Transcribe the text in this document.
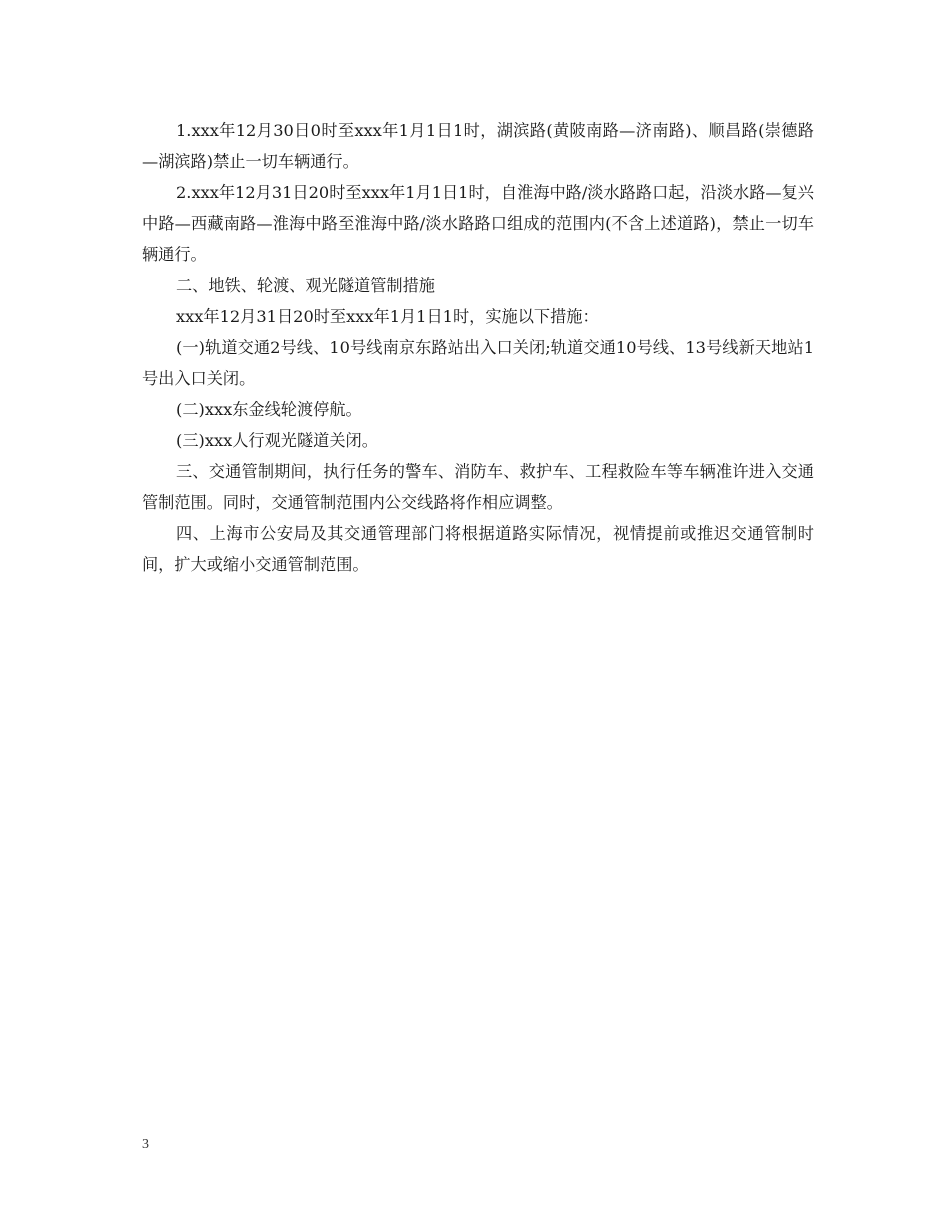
1.xxx年12月30日0时至xxx年1月1日1时，湖滨路(黄陂南路—济南路)、顺昌路(崇德路—湖滨路)禁止一切车辆通行。

2.xxx年12月31日20时至xxx年1月1日1时，自淮海中路/淡水路路口起，沿淡水路—复兴中路—西藏南路—淮海中路至淮海中路/淡水路路口组成的范围内(不含上述道路)，禁止一切车辆通行。

二、地铁、轮渡、观光隧道管制措施

xxx年12月31日20时至xxx年1月1日1时，实施以下措施：

(一)轨道交通2号线、10号线南京东路站出入口关闭;轨道交通10号线、13号线新天地站1号出入口关闭。

(二)xxx东金线轮渡停航。

(三)xxx人行观光隧道关闭。

三、交通管制期间，执行任务的警车、消防车、救护车、工程救险车等车辆准许进入交通管制范围。同时，交通管制范围内公交线路将作相应调整。

四、上海市公安局及其交通管理部门将根据道路实际情况，视情提前或推迟交通管制时间，扩大或缩小交通管制范围。

3
